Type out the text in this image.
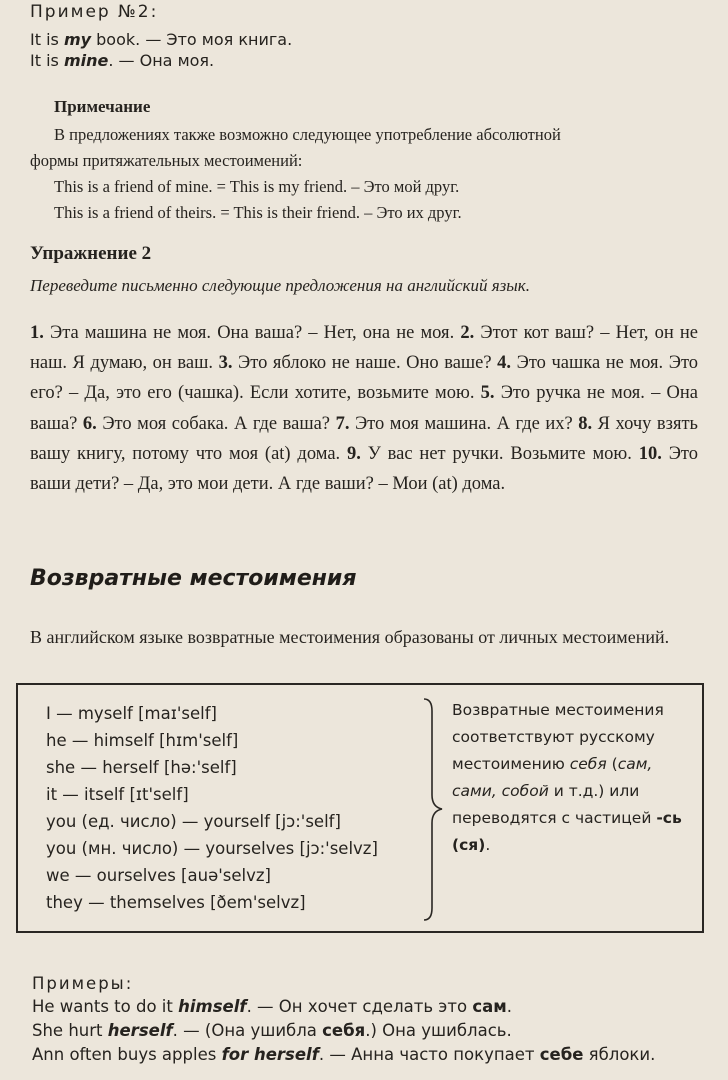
Пример №2:
It is my book. — Это моя книга.
It is mine. — Она моя.
Примечание
В предложениях также возможно следующее употребление абсолютной
формы притяжательных местоимений:
This is a friend of mine. = This is my friend. – Это мой друг.
This is a friend of theirs. = This is their friend. – Это их друг.
Упражнение 2
Переведите письменно следующие предложения на английский язык.
1. Эта машина не моя. Она ваша? – Нет, она не моя. 2. Этот кот ваш? – Нет, он не наш. Я думаю, он ваш. 3. Это яблоко не наше. Оно ваше? 4. Это чашка не моя. Это его? – Да, это его (чашка). Если хотите, возьмите мою. 5. Это ручка не моя. – Она ваша? 6. Это моя собака. А где ваша? 7. Это моя машина. А где их? 8. Я хочу взять вашу книгу, потому что моя (at) дома. 9. У вас нет ручки. Возьмите мою. 10. Это ваши дети? – Да, это мои дети. А где ваши? – Мои (at) дома.
Возвратные местоимения
В английском языке возвратные местоимения образованы от личных местоимений.
I — myself [maɪ'self]
he — himself [hɪm'self]
she — herself [hə:'self]
it — itself [ɪt'self]
you (ед. число) — yourself [jɔ:'self]
you (мн. число) — yourselves [jɔ:'selvz]
we — ourselves [auə'selvz]
they — themselves [ðem'selvz]
Возвратные местоимения соответствуют русскому местоимению себя (сам, сами, собой и т.д.) или переводятся с частицей -сь (ся).
Примеры:
He wants to do it himself. — Он хочет сделать это сам.
She hurt herself. — (Она ушибла себя.) Она ушиблась.
Ann often buys apples for herself. — Анна часто покупает себе яблоки.
